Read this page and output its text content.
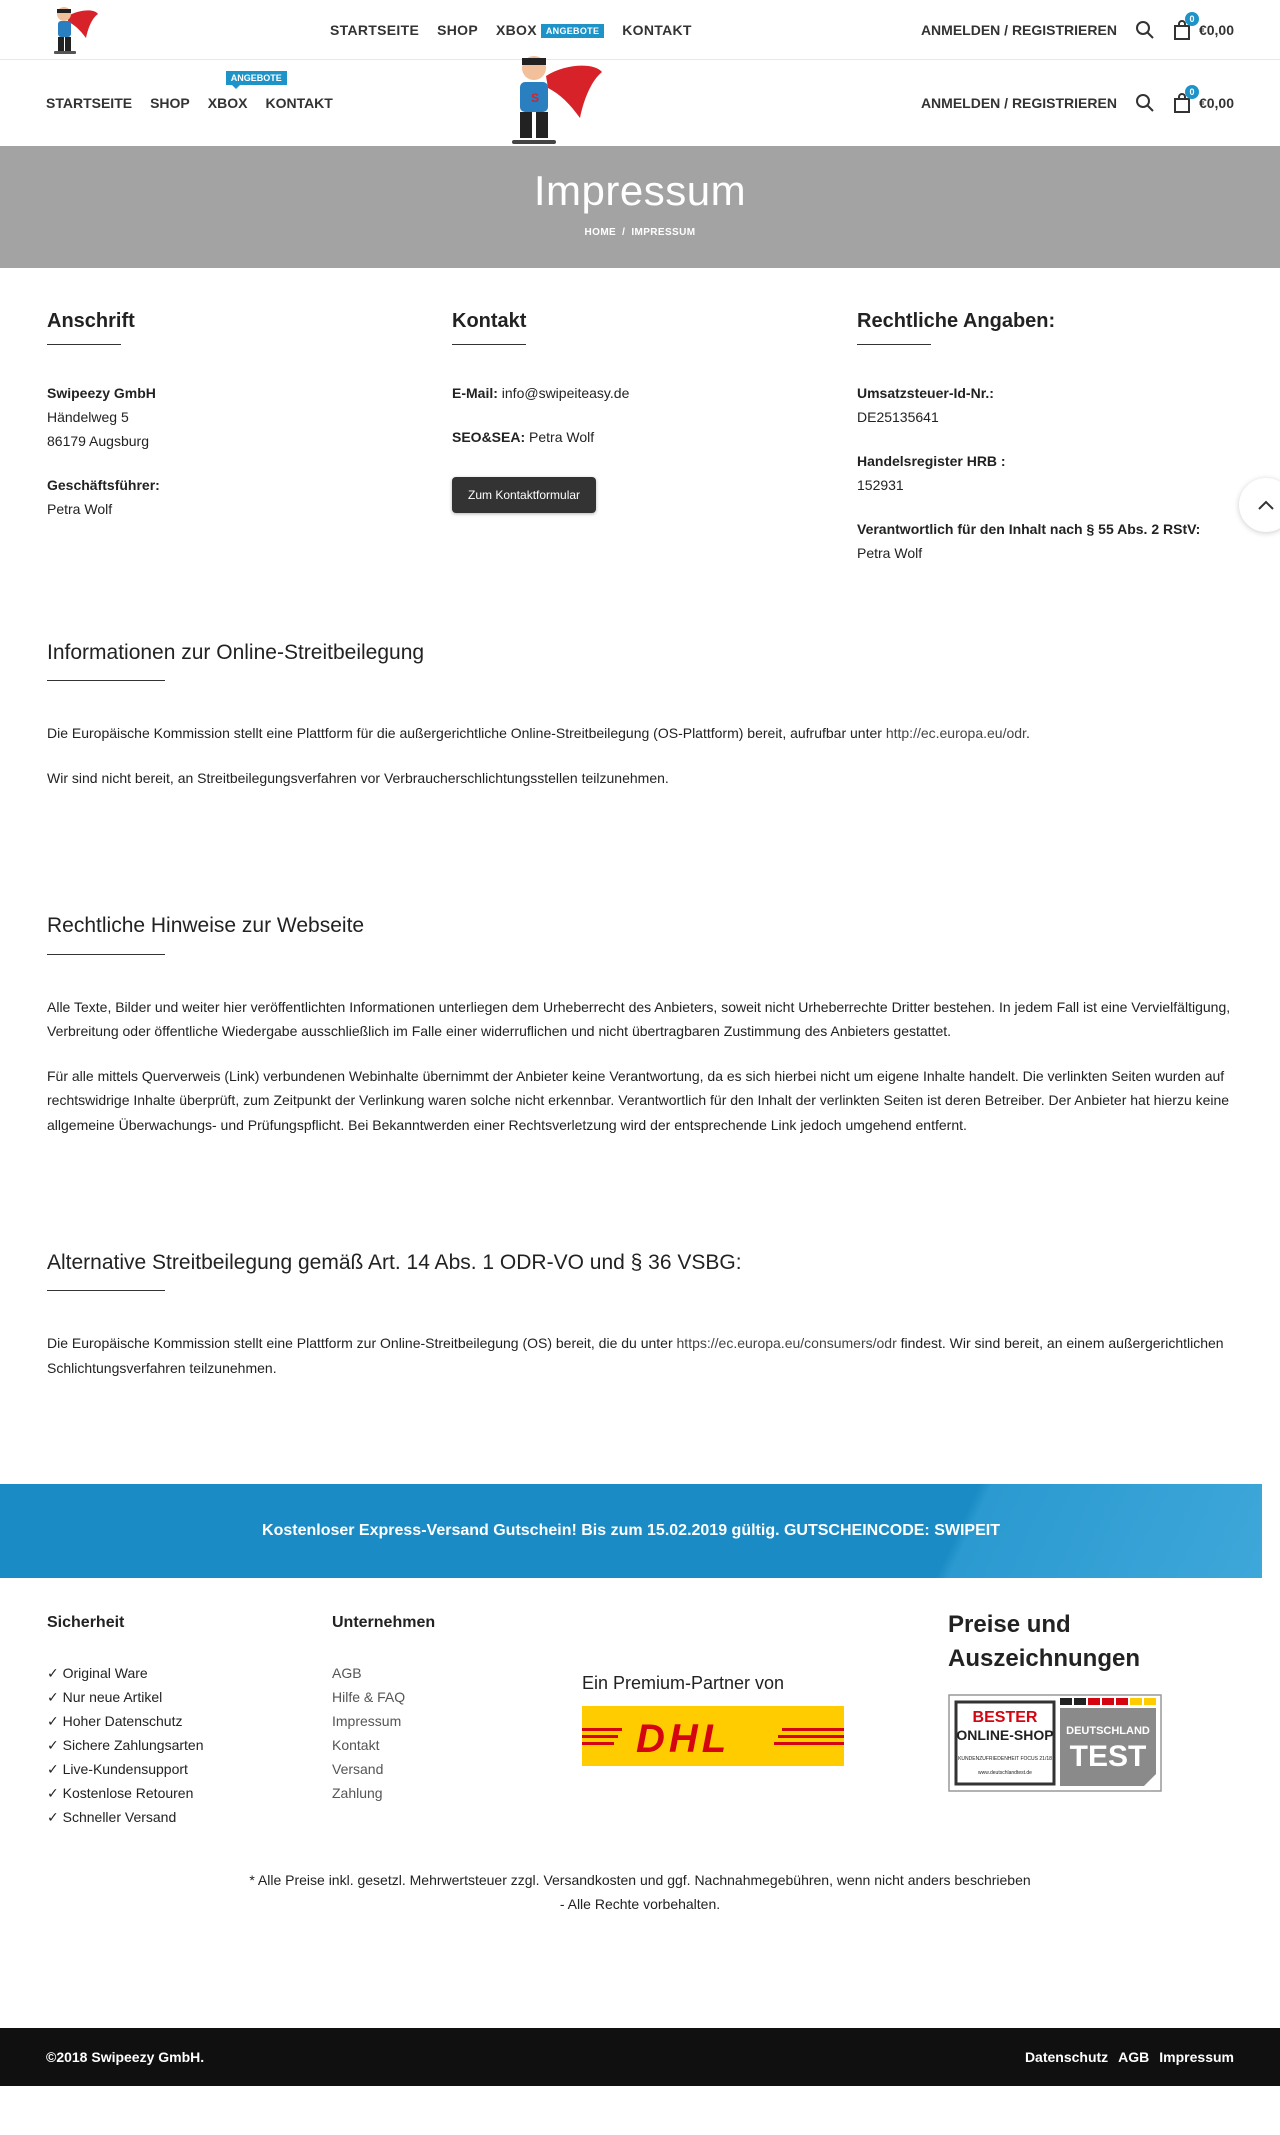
STARTSEITE SHOP XBOX ANGEBOTE	KONTAKT	ANMELDEN / REGISTRIEREN
0
€0,00
STARTSEITE SHOP
ANGEBOTE
XBOX KONTAKT	S	ANMELDEN / REGISTRIEREN
0
€0,00
Impressum
HOME / IMPRESSUM
Anschrift

Swipeezy GmbH

Händelweg 5

86179 Augsburg

Geschäftsführer:

Petra Wolf

Kontakt

E-Mail: info@swipeiteasy.de

SEO&SEA: Petra Wolf

Zum Kontaktformular
Rechtliche Angaben:

Umsatzsteuer-Id-Nr.:

DE25135641

Handelsregister HRB :

152931

Verantwortlich für den Inhalt nach § 55 Abs. 2 RStV:

Petra Wolf

Informationen zur Online-Streitbeilegung

Die Europäische Kommission stellt eine Plattform für die außergerichtliche Online-Streitbeilegung (OS-Plattform) bereit, aufrufbar unter http://ec.europa.eu/odr.

Wir sind nicht bereit, an Streitbeilegungsverfahren vor Verbraucherschlichtungsstellen teilzunehmen.

Rechtliche Hinweise zur Webseite

Alle Texte, Bilder und weiter hier veröffentlichten Informationen unterliegen dem Urheberrecht des Anbieters, soweit nicht Urheberrechte Dritter bestehen. In jedem Fall ist eine Vervielfältigung, Verbreitung oder öffentliche Wiedergabe ausschließlich im Falle einer widerruflichen und nicht übertragbaren Zustimmung des Anbieters gestattet.

Für alle mittels Querverweis (Link) verbundenen Webinhalte übernimmt der Anbieter keine Verantwortung, da es sich hierbei nicht um eigene Inhalte handelt. Die verlinkten Seiten wurden auf rechtswidrige Inhalte überprüft, zum Zeitpunkt der Verlinkung waren solche nicht erkennbar. Verantwortlich für den Inhalt der verlinkten Seiten ist deren Betreiber. Der Anbieter hat hierzu keine allgemeine Überwachungs- und Prüfungspflicht. Bei Bekanntwerden einer Rechtsverletzung wird der entsprechende Link jedoch umgehend entfernt.

Alternative Streitbeilegung gemäß Art. 14 Abs. 1 ODR-VO und § 36 VSBG:

Die Europäische Kommission stellt eine Plattform zur Online-Streitbeilegung (OS) bereit, die du unter https://ec.europa.eu/consumers/odr findest. Wir sind bereit, an einem außergerichtlichen Schlichtungsverfahren teilzunehmen.

Kostenloser Express-Versand Gutschein! Bis zum 15.02.2019 gültig. GUTSCHEINCODE: SWIPEIT
Sicherheit
✓ Original Ware
✓ Nur neue Artikel
✓ Hoher Datenschutz
✓ Sichere Zahlungsarten
✓ Live-Kundensupport
✓ Kostenlose Retouren
✓ Schneller Versand
Unternehmen
AGB
Hilfe & FAQ
Impressum
Kontakt
Versand
Zahlung
Ein Premium-Partner von
DHL
Preise und Auszeichnungen
BESTER
ONLINE-SHOP
KUNDENZUFRIEDENHEIT FOCUS 21/18
www.deutschlandtest.de
DEUTSCHLAND
TEST
* Alle Preise inkl. gesetzl. Mehrwertsteuer zzgl. Versandkosten und ggf. Nachnahmegebühren, wenn nicht anders beschrieben
- Alle Rechte vorbehalten.
©2018 Swipeezy GmbH.	Datenschutz AGB Impressum
